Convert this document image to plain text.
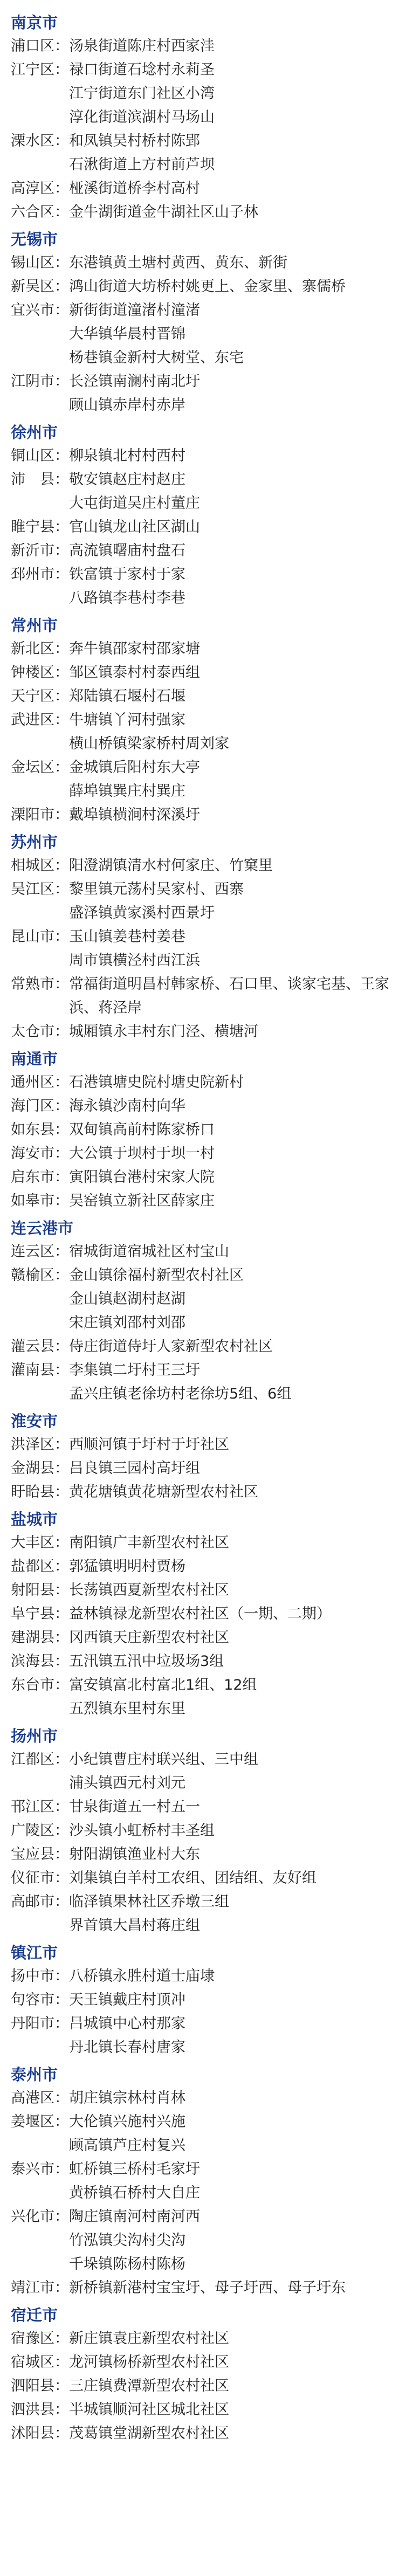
南京市
浦口区： 汤泉街道陈庄村西家洼
江宁区： 禄口街道石埝村永莉圣
江宁街道东门社区小湾
淳化街道滨湖村马场山
溧水区： 和凤镇吴村桥村陈郢
石湫街道上方村前芦坝
高淳区： 桠溪街道桥李村高村
六合区： 金牛湖街道金牛湖社区山子林
无锡市
锡山区： 东港镇黄土塘村黄西、黄东、新街
新吴区： 鸿山街道大坊桥村姚更上、金家里、寨儒桥
宜兴市： 新街街道潼渚村潼渚
大华镇华晨村晋锦
杨巷镇金新村大树堂、东宅
江阴市： 长泾镇南澜村南北圩
顾山镇赤岸村赤岸
徐州市
铜山区： 柳泉镇北村村西村
沛　县： 敬安镇赵庄村赵庄
大屯街道吴庄村董庄
睢宁县： 官山镇龙山社区湖山
新沂市： 高流镇曙庙村盘石
邳州市： 铁富镇于家村于家
八路镇李巷村李巷
常州市
新北区： 奔牛镇邵家村邵家塘
钟楼区： 邹区镇泰村村泰西组
天宁区： 郑陆镇石堰村石堰
武进区： 牛塘镇丫河村强家
横山桥镇梁家桥村周刘家
金坛区： 金城镇后阳村东大亭
薛埠镇巽庄村巽庄
溧阳市： 戴埠镇横涧村深溪圩
苏州市
相城区： 阳澄湖镇清水村何家庄、竹窠里
吴江区： 黎里镇元荡村吴家村、西寨
盛泽镇黄家溪村西景圩
昆山市： 玉山镇姜巷村姜巷
周市镇横泾村西江浜
常熟市： 常福街道明昌村韩家桥、石口里、谈家宅基、王家
浜、蒋泾岸
太仓市： 城厢镇永丰村东门泾、横塘河
南通市
通州区： 石港镇塘史院村塘史院新村
海门区： 海永镇沙南村向华
如东县： 双甸镇高前村陈家桥口
海安市： 大公镇于坝村于坝一村
启东市： 寅阳镇台港村宋家大院
如皋市： 吴窑镇立新社区薛家庄
连云港市
连云区： 宿城街道宿城社区村宝山
赣榆区： 金山镇徐福村新型农村社区
金山镇赵湖村赵湖
宋庄镇刘邵村刘邵
灌云县： 侍庄街道侍圩人家新型农村社区
灌南县： 李集镇二圩村王三圩
孟兴庄镇老徐坊村老徐坊5组、6组
淮安市
洪泽区： 西顺河镇于圩村于圩社区
金湖县： 吕良镇三园村高圩组
盱眙县： 黄花塘镇黄花塘新型农村社区
盐城市
大丰区： 南阳镇广丰新型农村社区
盐都区： 郭猛镇明明村贾杨
射阳县： 长荡镇西夏新型农村社区
阜宁县： 益林镇禄龙新型农村社区（一期、二期）
建湖县： 冈西镇天庄新型农村社区
滨海县： 五汛镇五汛中垃圾场3组
东台市： 富安镇富北村富北1组、12组
五烈镇东里村东里
扬州市
江都区： 小纪镇曹庄村联兴组、三中组
浦头镇西元村刘元
邗江区： 甘泉街道五一村五一
广陵区： 沙头镇小虹桥村丰圣组
宝应县： 射阳湖镇渔业村大东
仪征市： 刘集镇白羊村工农组、团结组、友好组
高邮市： 临泽镇果林社区乔墩三组
界首镇大昌村蒋庄组
镇江市
扬中市： 八桥镇永胜村道士庙埭
句容市： 天王镇戴庄村顶冲
丹阳市： 吕城镇中心村那家
丹北镇长春村唐家
泰州市
高港区： 胡庄镇宗林村肖林
姜堰区： 大伦镇兴施村兴施
顾高镇芦庄村复兴
泰兴市： 虹桥镇三桥村毛家圩
黄桥镇石桥村大自庄
兴化市： 陶庄镇南河村南河西
竹泓镇尖沟村尖沟
千垛镇陈杨村陈杨
靖江市： 新桥镇新港村宝宝圩、母子圩西、母子圩东
宿迁市
宿豫区： 新庄镇袁庄新型农村社区
宿城区： 龙河镇杨桥新型农村社区
泗阳县： 三庄镇费潭新型农村社区
泗洪县： 半城镇顺河社区城北社区
沭阳县： 茂葛镇堂湖新型农村社区
